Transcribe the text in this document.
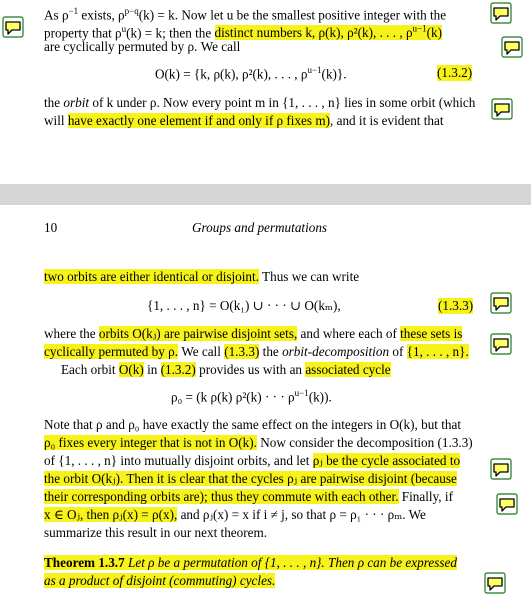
As $\rho^{-1}$ exists, $\rho^{p-q}(k) = k$. Now let u be the smallest positive integer with the
property that $\rho^u(k) = k$; then the distinct numbers k, ρ(k), ρ²(k), . . . , $\rho^{u-1}(k)$
are cyclically permuted by ρ. We call
O(k) = {k, ρ(k), ρ²(k), . . . , $\rho^{u-1}(k)$}.	(1.3.2)
the orbit of k under ρ. Now every point m in {1, . . . , n} lies in some orbit (which
will have exactly one element if and only if ρ fixes m), and it is evident that
10	Groups and permutations
two orbits are either identical or disjoint. Thus we can write
{1, . . . , n} = O(k₁) ∪ · · · ∪ O(kₘ),	(1.3.3)
where the orbits O(kⱼ) are pairwise disjoint sets, and where each of these sets is
cyclically permuted by ρ. We call (1.3.3) the orbit-decomposition of {1, . . . , n}.
Each orbit O(k) in (1.3.2) provides us with an associated cycle
ρ₀ = (k ρ(k) ρ²(k) · · · $\rho^{u-1}(k)$).
Note that ρ and ρ₀ have exactly the same effect on the integers in O(k), but that
ρ₀ fixes every integer that is not in O(k). Now consider the decomposition (1.3.3)
of {1, . . . , n} into mutually disjoint orbits, and let ρⱼ be the cycle associated to
the orbit O(kⱼ). Then it is clear that the cycles ρⱼ are pairwise disjoint (because
their corresponding orbits are); thus they commute with each other. Finally, if
x ∈ Oⱼ, then ρⱼ(x) = ρ(x), and ρⱼ(x) = x if i ≠ j, so that ρ = ρ₁ · · · ρₘ. We
summarize this result in our next theorem.
Theorem 1.3.7 Let ρ be a permutation of {1, . . . , n}. Then ρ can be expressed
as a product of disjoint (commuting) cycles.
